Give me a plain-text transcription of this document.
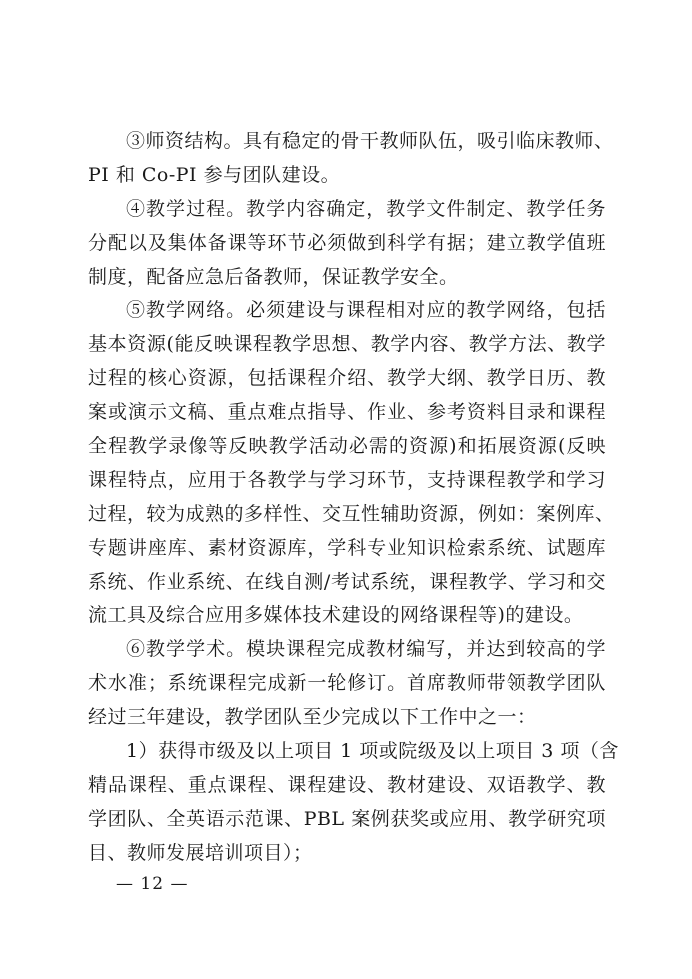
③师资结构。具有稳定的骨干教师队伍，吸引临床教师、
PI 和 Co-PI 参与团队建设。
④教学过程。教学内容确定，教学文件制定、教学任务
分配以及集体备课等环节必须做到科学有据；建立教学值班
制度，配备应急后备教师，保证教学安全。
⑤教学网络。必须建设与课程相对应的教学网络，包括
基本资源(能反映课程教学思想、教学内容、教学方法、教学
过程的核心资源，包括课程介绍、教学大纲、教学日历、教
案或演示文稿、重点难点指导、作业、参考资料目录和课程
全程教学录像等反映教学活动必需的资源)和拓展资源(反映
课程特点，应用于各教学与学习环节，支持课程教学和学习
过程，较为成熟的多样性、交互性辅助资源，例如：案例库、
专题讲座库、素材资源库，学科专业知识检索系统、试题库
系统、作业系统、在线自测/考试系统，课程教学、学习和交
流工具及综合应用多媒体技术建设的网络课程等)的建设。
⑥教学学术。模块课程完成教材编写，并达到较高的学
术水准；系统课程完成新一轮修订。首席教师带领教学团队
经过三年建设，教学团队至少完成以下工作中之一：
1）获得市级及以上项目 1 项或院级及以上项目 3 项（含
精品课程、重点课程、课程建设、教材建设、双语教学、教
学团队、全英语示范课、PBL 案例获奖或应用、教学研究项
目、教师发展培训项目）；
— 12 —
